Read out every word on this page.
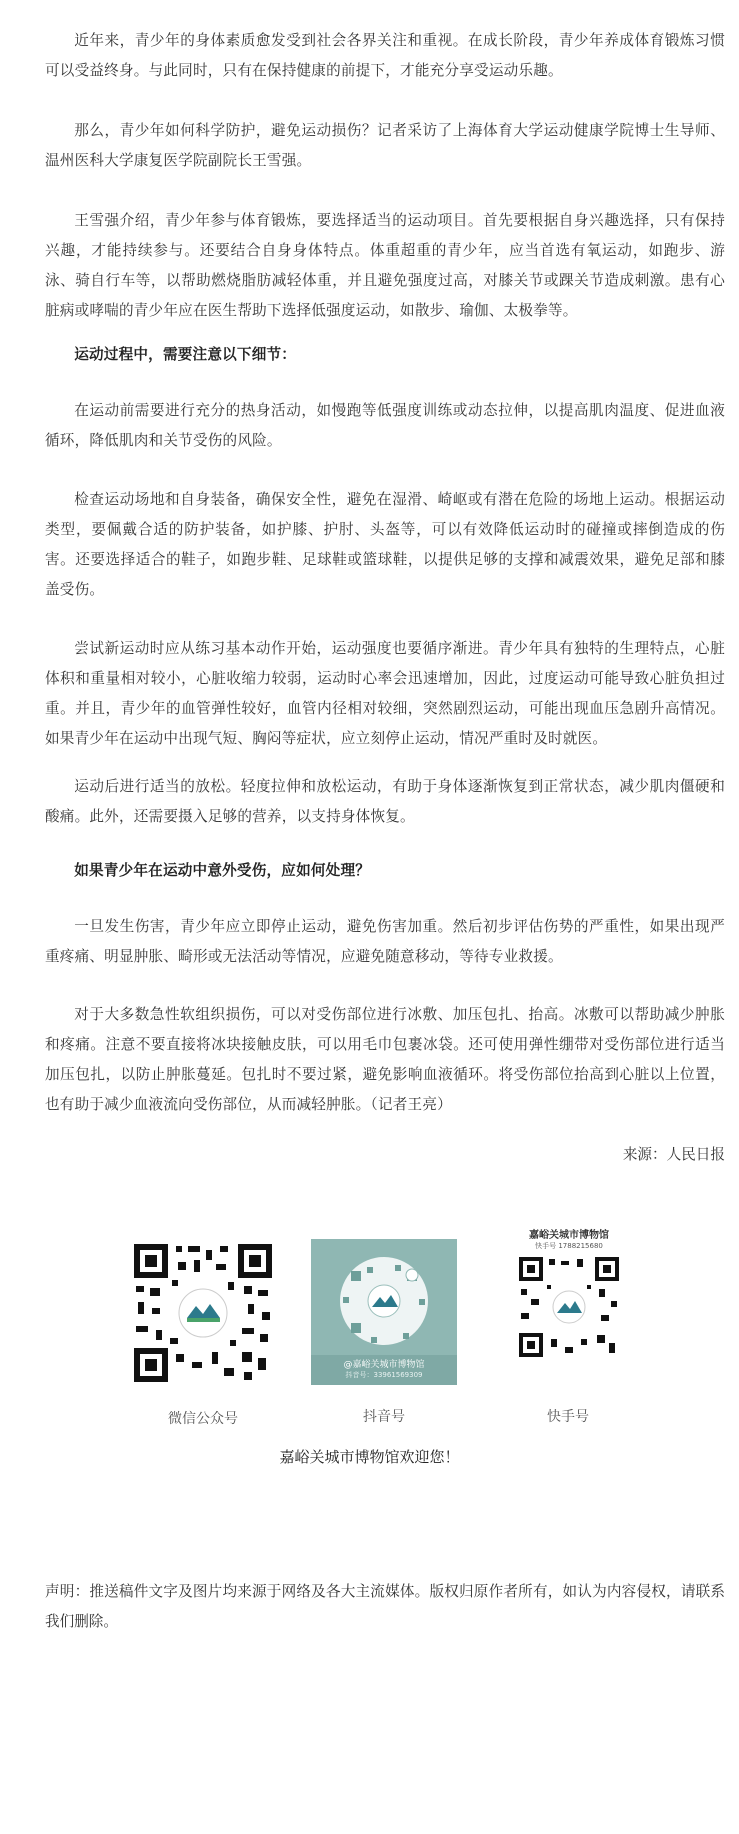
近年来，青少年的身体素质愈发受到社会各界关注和重视。在成长阶段，青少年养成体育锻炼习惯可以受益终身。与此同时，只有在保持健康的前提下，才能充分享受运动乐趣。

那么，青少年如何科学防护，避免运动损伤？记者采访了上海体育大学运动健康学院博士生导师、温州医科大学康复医学院副院长王雪强。

王雪强介绍，青少年参与体育锻炼，要选择适当的运动项目。首先要根据自身兴趣选择，只有保持兴趣，才能持续参与。还要结合自身身体特点。体重超重的青少年，应当首选有氧运动，如跑步、游泳、骑自行车等，以帮助燃烧脂肪减轻体重，并且避免强度过高，对膝关节或踝关节造成刺激。患有心脏病或哮喘的青少年应在医生帮助下选择低强度运动，如散步、瑜伽、太极拳等。

运动过程中，需要注意以下细节：

在运动前需要进行充分的热身活动，如慢跑等低强度训练或动态拉伸，以提高肌肉温度、促进血液循环，降低肌肉和关节受伤的风险。

检查运动场地和自身装备，确保安全性，避免在湿滑、崎岖或有潜在危险的场地上运动。根据运动类型，要佩戴合适的防护装备，如护膝、护肘、头盔等，可以有效降低运动时的碰撞或摔倒造成的伤害。还要选择适合的鞋子，如跑步鞋、足球鞋或篮球鞋，以提供足够的支撑和减震效果，避免足部和膝盖受伤。

尝试新运动时应从练习基本动作开始，运动强度也要循序渐进。青少年具有独特的生理特点，心脏体积和重量相对较小，心脏收缩力较弱，运动时心率会迅速增加，因此，过度运动可能导致心脏负担过重。并且，青少年的血管弹性较好，血管内径相对较细，突然剧烈运动，可能出现血压急剧升高情况。如果青少年在运动中出现气短、胸闷等症状，应立刻停止运动，情况严重时及时就医。

运动后进行适当的放松。轻度拉伸和放松运动，有助于身体逐渐恢复到正常状态，减少肌肉僵硬和酸痛。此外，还需要摄入足够的营养，以支持身体恢复。

如果青少年在运动中意外受伤，应如何处理？

一旦发生伤害，青少年应立即停止运动，避免伤害加重。然后初步评估伤势的严重性，如果出现严重疼痛、明显肿胀、畸形或无法活动等情况，应避免随意移动，等待专业救援。

对于大多数急性软组织损伤，可以对受伤部位进行冰敷、加压包扎、抬高。冰敷可以帮助减少肿胀和疼痛。注意不要直接将冰块接触皮肤，可以用毛巾包裹冰袋。还可使用弹性绷带对受伤部位进行适当加压包扎，以防止肿胀蔓延。包扎时不要过紧，避免影响血液循环。将受伤部位抬高到心脏以上位置，也有助于减少血液流向受伤部位，从而减轻肿胀。（记者王亮）

来源：人民日报

微信公众号
@嘉峪关城市博物馆
抖音号：33961569309
抖音号
嘉峪关城市博物馆
快手号 1788215680
快手号
嘉峪关城市博物馆欢迎您！

声明：推送稿件文字及图片均来源于网络及各大主流媒体。版权归原作者所有，如认为内容侵权，请联系我们删除。
